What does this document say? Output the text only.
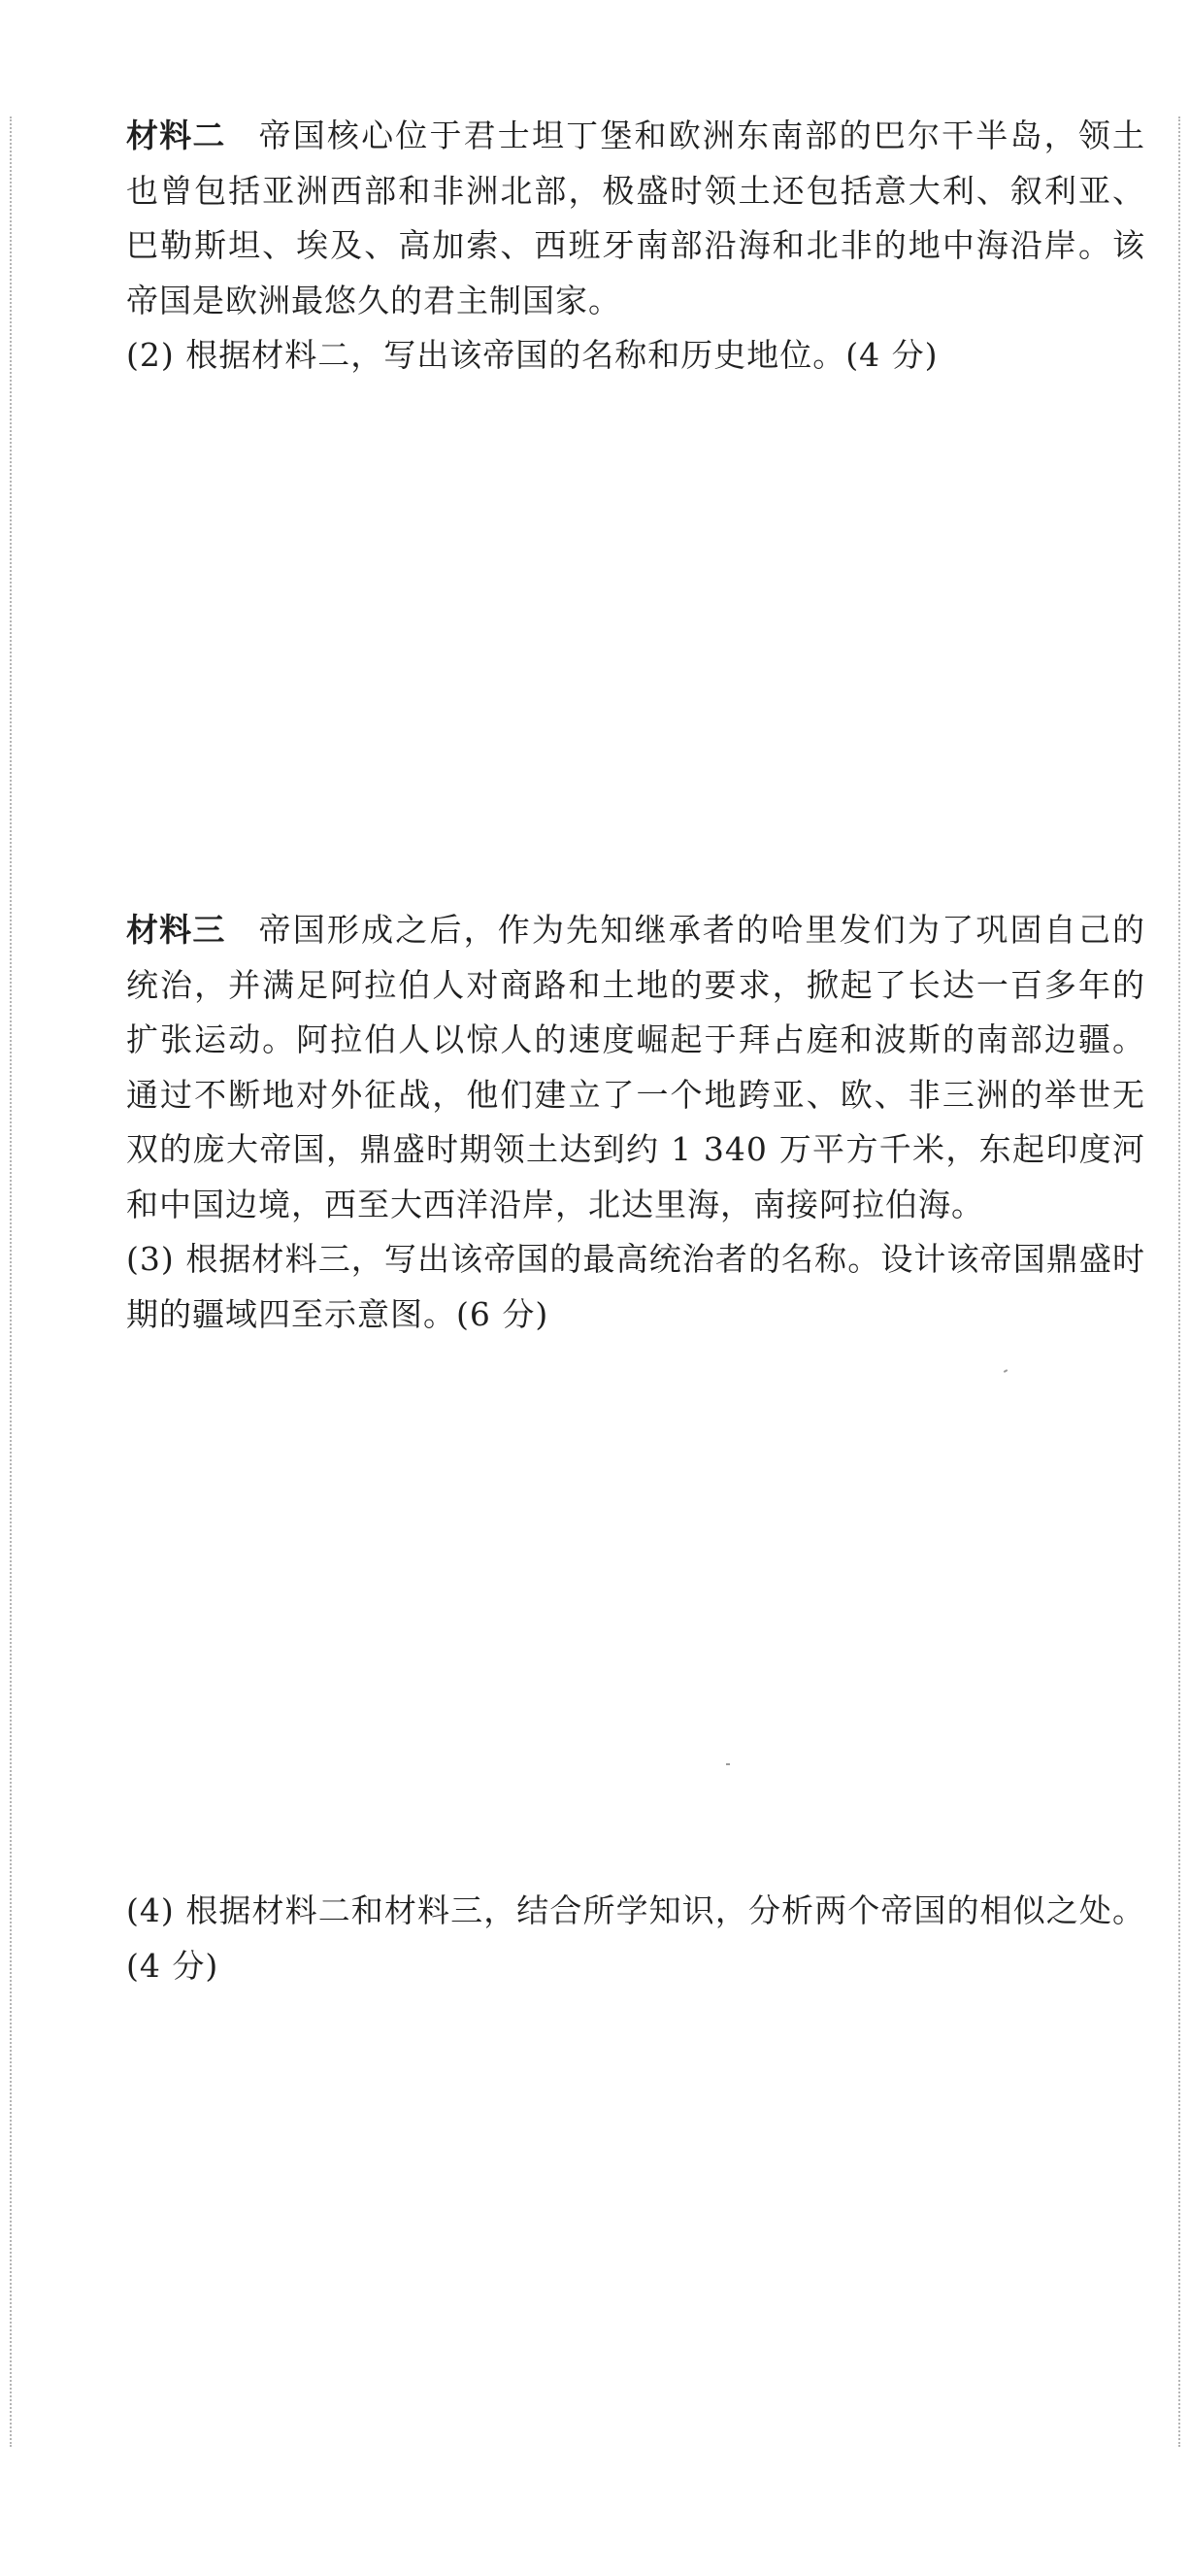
材料二 帝国核心位于君士坦丁堡和欧洲东南部的巴尔干半岛，领土也曾包括亚洲西部和非洲北部，极盛时领土还包括意大利、叙利亚、巴勒斯坦、埃及、高加索、西班牙南部沿海和北非的地中海沿岸。该帝国是欧洲最悠久的君主制国家。

(2) 根据材料二，写出该帝国的名称和历史地位。(4 分)

材料三 帝国形成之后，作为先知继承者的哈里发们为了巩固自己的统治，并满足阿拉伯人对商路和土地的要求，掀起了长达一百多年的扩张运动。阿拉伯人以惊人的速度崛起于拜占庭和波斯的南部边疆。通过不断地对外征战，他们建立了一个地跨亚、欧、非三洲的举世无双的庞大帝国，鼎盛时期领土达到约 1 340 万平方千米，东起印度河和中国边境，西至大西洋沿岸，北达里海，南接阿拉伯海。

(3) 根据材料三，写出该帝国的最高统治者的名称。设计该帝国鼎盛时期的疆域四至示意图。(6 分)

(4) 根据材料二和材料三，结合所学知识，分析两个帝国的相似之处。(4 分)
